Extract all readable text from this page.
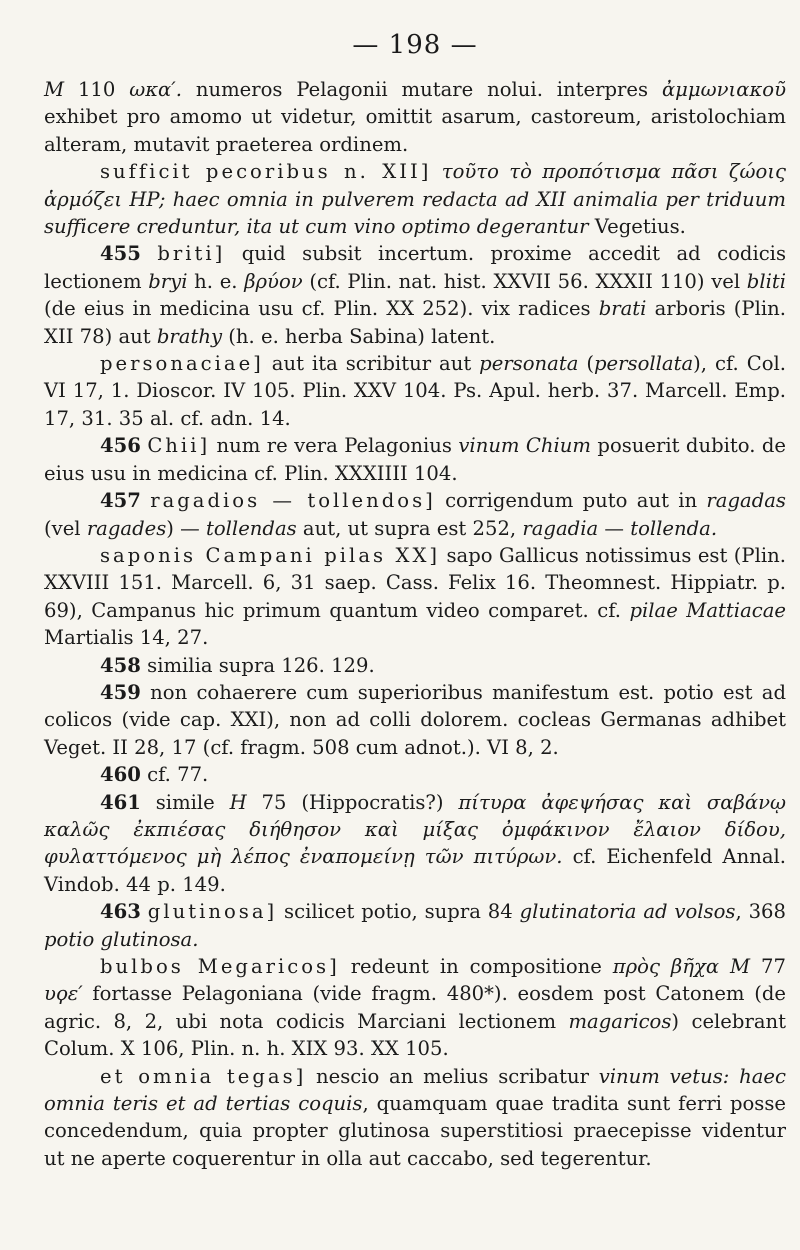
— 198 —

M 110 ωκα′. numeros Pelagonii mutare nolui. interpres ἀμμωνιακοῦ exhibet pro amomo ut videtur, omittit asarum, castoreum, aristolochiam alteram, mutavit praeterea ordinem.

sufficit pecoribus n. XII] τοῦτο τὸ προπότισμα πᾶσι ζώοις ἁρμόζει HP; haec omnia in pulverem redacta ad XII animalia per triduum sufficere creduntur, ita ut cum vino optimo degerantur Vegetius.

455 briti] quid subsit incertum. proxime accedit ad codicis lectionem bryi h. e. βρύον (cf. Plin. nat. hist. XXVII 56. XXXII 110) vel bliti (de eius in medicina usu cf. Plin. XX 252). vix radices brati arboris (Plin. XII 78) aut brathy (h. e. herba Sabina) latent.

personaciae] aut ita scribitur aut personata (persollata), cf. Col. VI 17, 1. Dioscor. IV 105. Plin. XXV 104. Ps. Apul. herb. 37. Marcell. Emp. 17, 31. 35 al. cf. adn. 14.

456 Chii] num re vera Pelagonius vinum Chium posuerit dubito. de eius usu in medicina cf. Plin. XXXIIII 104.

457 ragadios — tollendos] corrigendum puto aut in ragadas (vel ragades) — tollendas aut, ut supra est 252, ragadia — tollenda.

saponis Campani pilas XX] sapo Gallicus notissimus est (Plin. XXVIII 151. Marcell. 6, 31 saep. Cass. Felix 16. Theomnest. Hippiatr. p. 69), Campanus hic primum quantum video comparet. cf. pilae Mattiacae Martialis 14, 27.

458 similia supra 126. 129.

459 non cohaerere cum superioribus manifestum est. potio est ad colicos (vide cap. XXI), non ad colli dolorem. cocleas Germanas adhibet Veget. II 28, 17 (cf. fragm. 508 cum adnot.). VI 8, 2.

460 cf. 77.

461 simile H 75 (Hippocratis?) πίτυρα ἀφεψήσας καὶ σαβάνῳ καλῶς ἐκπιέσας διήθησον καὶ μίξας ὀμφάκινον ἔλαιον δίδου, φυλαττόμενος μὴ λέπος ἐναπομείνῃ τῶν πιτύρων. cf. Eichenfeld Annal. Vindob. 44 p. 149.

463 glutinosa] scilicet potio, supra 84 glutinatoria ad volsos, 368 potio glutinosa.

bulbos Megaricos] redeunt in compositione πρὸς βῆχα M 77 υϙε′ fortasse Pelagoniana (vide fragm. 480*). eosdem post Catonem (de agric. 8, 2, ubi nota codicis Marciani lectionem magaricos) celebrant Colum. X 106, Plin. n. h. XIX 93. XX 105.

et omnia tegas] nescio an melius scribatur vinum vetus: haec omnia teris et ad tertias coquis, quamquam quae tradita sunt ferri posse concedendum, quia propter glutinosa superstitiosi praecepisse videntur ut ne aperte coquerentur in olla aut caccabo, sed tegerentur.
